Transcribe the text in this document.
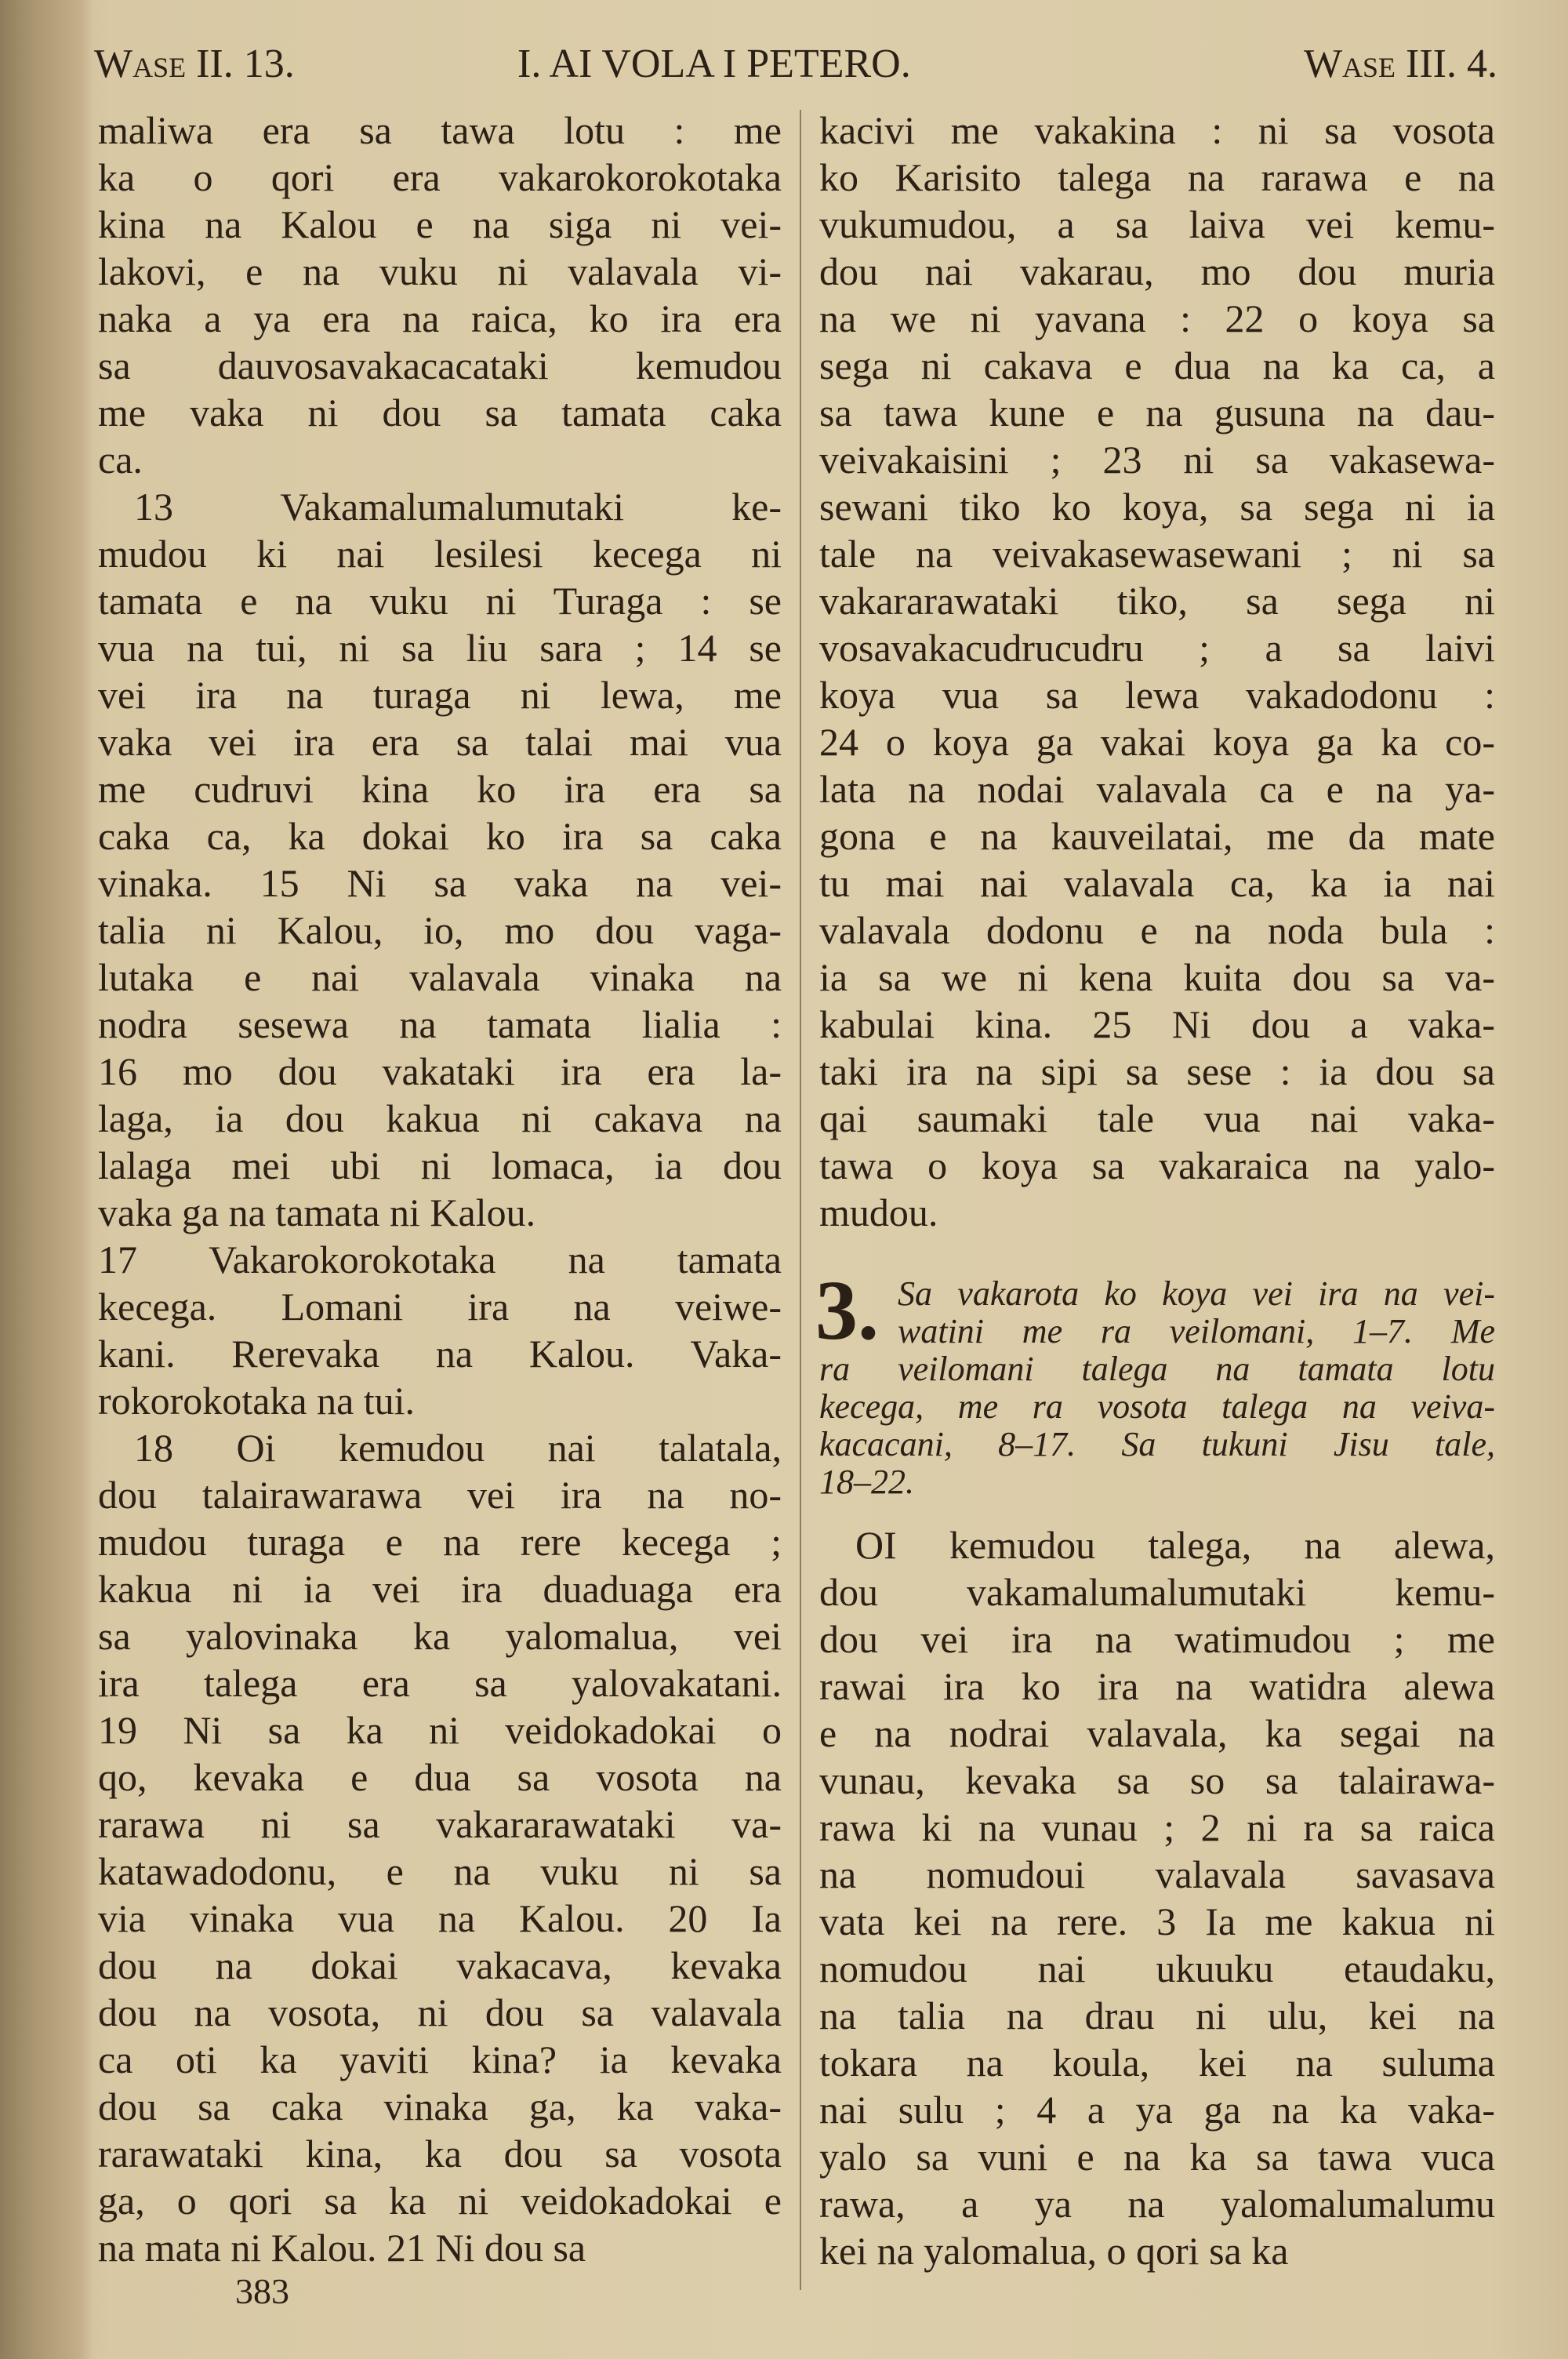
Wase II. 13.	I. AI VOLA I PETERO.	Wase III. 4.
maliwa era sa tawa lotu : me
ka o qori era vakarokorokotaka
kina na Kalou e na siga ni vei-
lakovi, e na vuku ni valavala vi-
naka a ya era na raica, ko ira era
sa dauvosavakacacataki kemudou
me vaka ni dou sa tamata caka
ca.
13 Vakamalumalumutaki ke-
mudou ki nai lesilesi kecega ni
tamata e na vuku ni Turaga : se
vua na tui, ni sa liu sara ; 14 se
vei ira na turaga ni lewa, me
vaka vei ira era sa talai mai vua
me cudruvi kina ko ira era sa
caka ca, ka dokai ko ira sa caka
vinaka. 15 Ni sa vaka na vei-
talia ni Kalou, io, mo dou vaga-
lutaka e nai valavala vinaka na
nodra sesewa na tamata lialia :
16 mo dou vakataki ira era la-
laga, ia dou kakua ni cakava na
lalaga mei ubi ni lomaca, ia dou
vaka ga na tamata ni Kalou.
17 Vakarokorokotaka na tamata
kecega. Lomani ira na veiwe-
kani. Rerevaka na Kalou. Vaka-
rokorokotaka na tui.
18 Oi kemudou nai talatala,
dou talairawarawa vei ira na no-
mudou turaga e na rere kecega ;
kakua ni ia vei ira duaduaga era
sa yalovinaka ka yalomalua, vei
ira talega era sa yalovakatani.
19 Ni sa ka ni veidokadokai o
qo, kevaka e dua sa vosota na
rarawa ni sa vakararawataki va-
katawadodonu, e na vuku ni sa
via vinaka vua na Kalou. 20 Ia
dou na dokai vakacava, kevaka
dou na vosota, ni dou sa valavala
ca oti ka yaviti kina? ia kevaka
dou sa caka vinaka ga, ka vaka-
rarawataki kina, ka dou sa vosota
ga, o qori sa ka ni veidokadokai e
na mata ni Kalou. 21 Ni dou sa
kacivi me vakakina : ni sa vosota
ko Karisito talega na rarawa e na
vukumudou, a sa laiva vei kemu-
dou nai vakarau, mo dou muria
na we ni yavana : 22 o koya sa
sega ni cakava e dua na ka ca, a
sa tawa kune e na gusuna na dau-
veivakaisini ; 23 ni sa vakasewa-
sewani tiko ko koya, sa sega ni ia
tale na veivakasewasewani ; ni sa
vakararawataki tiko, sa sega ni
vosavakacudrucudru ; a sa laivi
koya vua sa lewa vakadodonu :
24 o koya ga vakai koya ga ka co-
lata na nodai valavala ca e na ya-
gona e na kauveilatai, me da mate
tu mai nai valavala ca, ka ia nai
valavala dodonu e na noda bula :
ia sa we ni kena kuita dou sa va-
kabulai kina. 25 Ni dou a vaka-
taki ira na sipi sa sese : ia dou sa
qai saumaki tale vua nai vaka-
tawa o koya sa vakaraica na yalo-
mudou.
3. Sa vakarota ko koya vei ira na vei-
watini me ra veilomani, 1–7. Me
ra veilomani talega na tamata lotu
kecega, me ra vosota talega na veiva-
kacacani, 8–17. Sa tukuni Jisu tale,
18–22.
OI kemudou talega, na alewa,
dou vakamalumalumutaki kemu-
dou vei ira na watimudou ; me
rawai ira ko ira na watidra alewa
e na nodrai valavala, ka segai na
vunau, kevaka sa so sa talairawa-
rawa ki na vunau ; 2 ni ra sa raica
na nomudoui valavala savasava
vata kei na rere. 3 Ia me kakua ni
nomudou nai ukuuku etaudaku,
na talia na drau ni ulu, kei na
tokara na koula, kei na suluma
nai sulu ; 4 a ya ga na ka vaka-
yalo sa vuni e na ka sa tawa vuca
rawa, a ya na yalomalumalumu
kei na yalomalua, o qori sa ka
383
